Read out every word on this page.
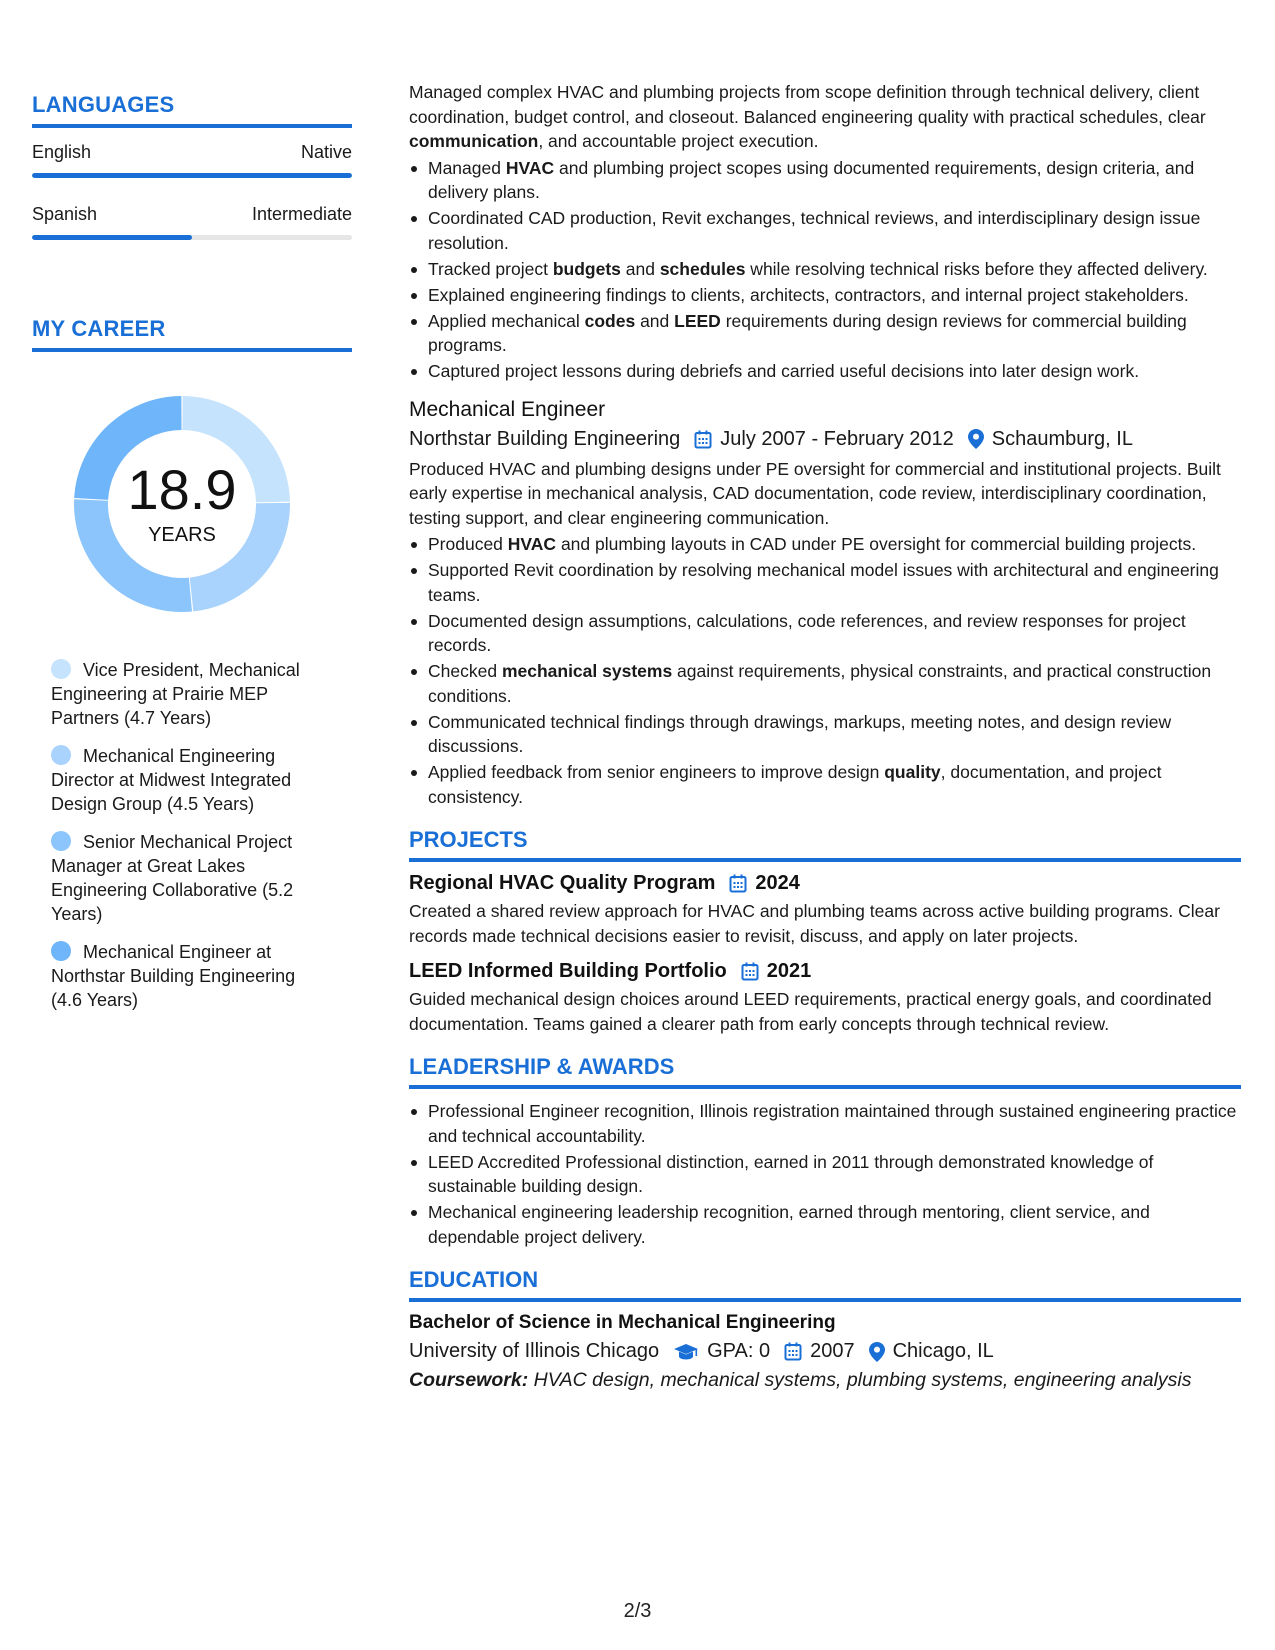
LANGUAGES
English	Native
Spanish	Intermediate
MY CAREER
18.9
YEARS
Vice President, Mechanical Engineering at Prairie MEP Partners (4.7 Years)
Mechanical Engineering Director at Midwest Integrated Design Group (4.5 Years)
Senior Mechanical Project Manager at Great Lakes Engineering Collaborative (5.2 Years)
Mechanical Engineer at Northstar Building Engineering (4.6 Years)

Managed complex HVAC and plumbing projects from scope definition through technical delivery, client coordination, budget control, and closeout. Balanced engineering quality with practical schedules, clear communication, and accountable project execution.

Managed HVAC and plumbing project scopes using documented requirements, design criteria, and delivery plans.
Coordinated CAD production, Revit exchanges, technical reviews, and interdisciplinary design issue resolution.
Tracked project budgets and schedules while resolving technical risks before they affected delivery.
Explained engineering findings to clients, architects, contractors, and internal project stakeholders.
Applied mechanical codes and LEED requirements during design reviews for commercial building programs.
Captured project lessons during debriefs and carried useful decisions into later design work.
Mechanical Engineer
Northstar Building Engineering July 2007 - February 2012 Schaumburg, IL

Produced HVAC and plumbing designs under PE oversight for commercial and institutional projects. Built early expertise in mechanical analysis, CAD documentation, code review, interdisciplinary coordination, testing support, and clear engineering communication.

Produced HVAC and plumbing layouts in CAD under PE oversight for commercial building projects.
Supported Revit coordination by resolving mechanical model issues with architectural and engineering teams.
Documented design assumptions, calculations, code references, and review responses for project records.
Checked mechanical systems against requirements, physical constraints, and practical construction conditions.
Communicated technical findings through drawings, markups, meeting notes, and design review discussions.
Applied feedback from senior engineers to improve design quality, documentation, and project consistency.
PROJECTS
Regional HVAC Quality Program 2024

Created a shared review approach for HVAC and plumbing teams across active building programs. Clear records made technical decisions easier to revisit, discuss, and apply on later projects.

LEED Informed Building Portfolio 2021

Guided mechanical design choices around LEED requirements, practical energy goals, and coordinated documentation. Teams gained a clearer path from early concepts through technical review.

LEADERSHIP & AWARDS
Professional Engineer recognition, Illinois registration maintained through sustained engineering practice and technical accountability.
LEED Accredited Professional distinction, earned in 2011 through demonstrated knowledge of sustainable building design.
Mechanical engineering leadership recognition, earned through mentoring, client service, and dependable project delivery.
EDUCATION
Bachelor of Science in Mechanical Engineering
University of Illinois Chicago GPA: 0 2007 Chicago, IL
Coursework: HVAC design, mechanical systems, plumbing systems, engineering analysis
2/3
